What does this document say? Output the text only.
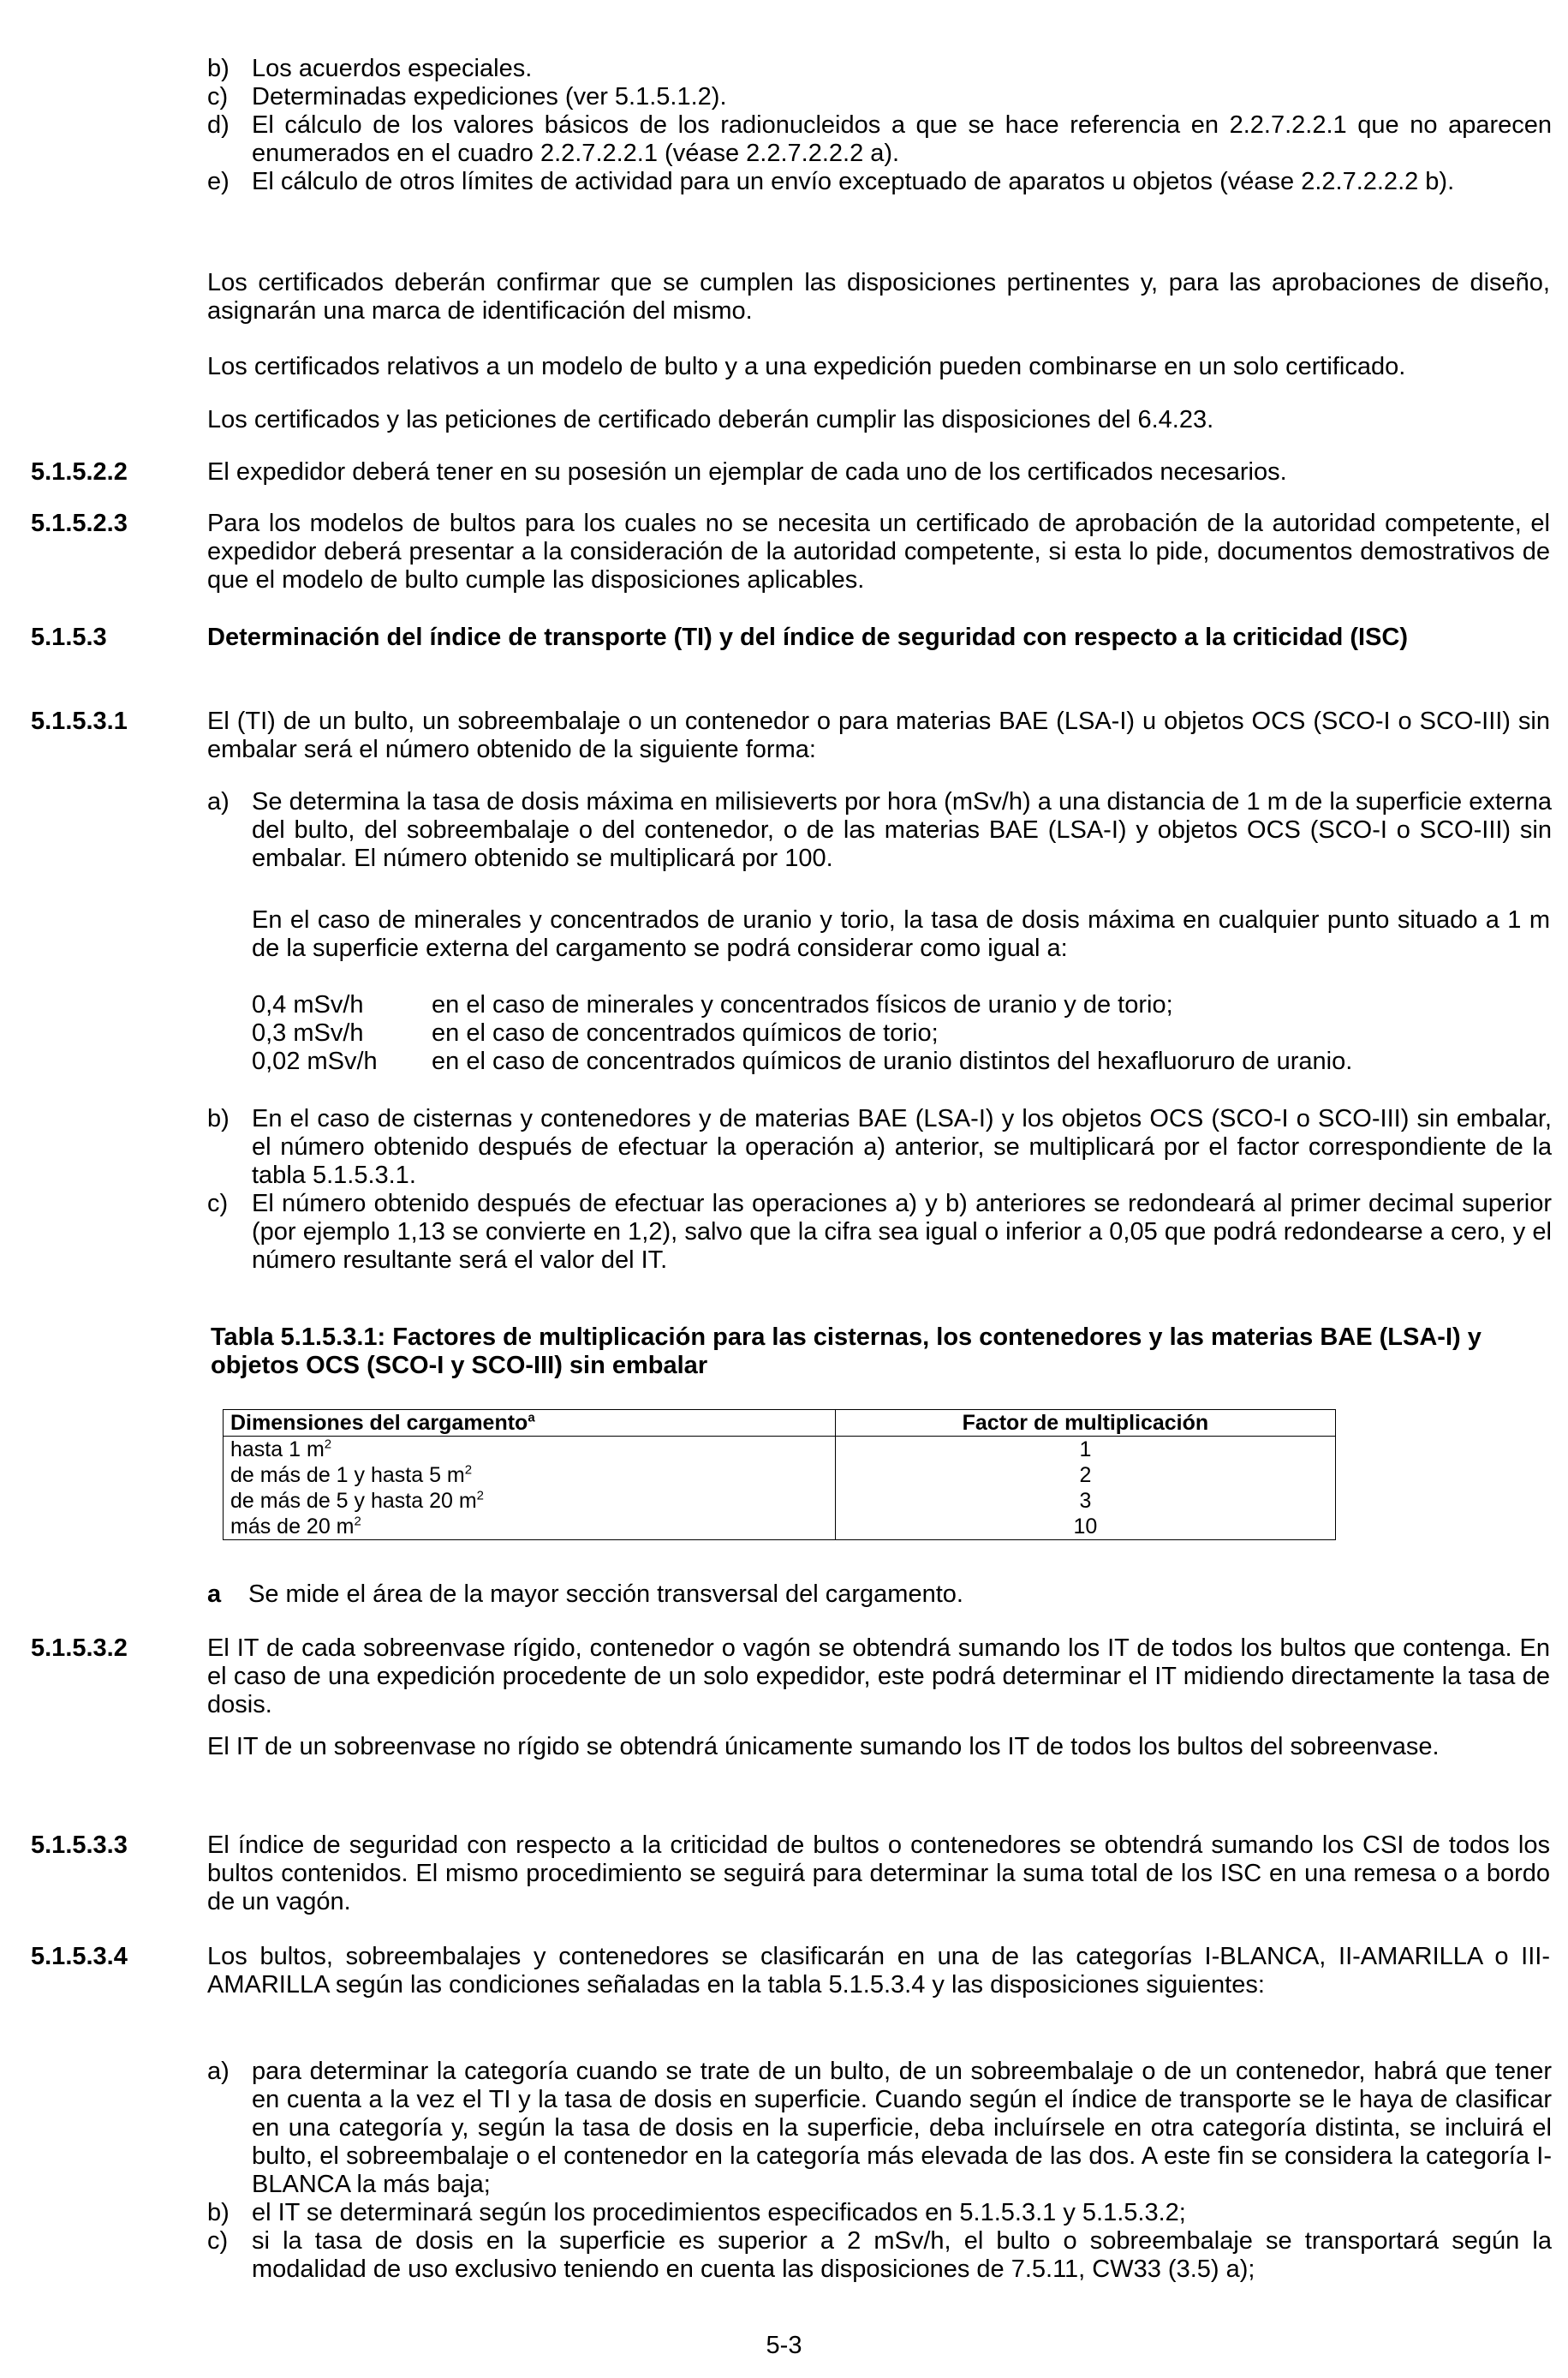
b) Los acuerdos especiales.
c) Determinadas expediciones (ver 5.1.5.1.2).
d) El cálculo de los valores básicos de los radionucleidos a que se hace referencia en 2.2.7.2.2.1 que no aparecen enumerados en el cuadro 2.2.7.2.2.1 (véase 2.2.7.2.2.2 a).
e) El cálculo de otros límites de actividad para un envío exceptuado de aparatos u objetos (véase 2.2.7.2.2.2 b).

Los certificados deberán confirmar que se cumplen las disposiciones pertinentes y, para las aprobaciones de diseño, asignarán una marca de identificación del mismo.

Los certificados relativos a un modelo de bulto y a una expedición pueden combinarse en un solo certificado.

Los certificados y las peticiones de certificado deberán cumplir las disposiciones del 6.4.23.

5.1.5.2.2	El expedidor deberá tener en su posesión un ejemplar de cada uno de los certificados necesarios.

5.1.5.2.3	Para los modelos de bultos para los cuales no se necesita un certificado de aprobación de la autoridad competente, el expedidor deberá presentar a la consideración de la autoridad competente, si esta lo pide, documentos demostrativos de que el modelo de bulto cumple las disposiciones aplicables.

5.1.5.3	Determinación del índice de transporte (TI) y del índice de seguridad con respecto a la criticidad (ISC)

5.1.5.3.1	El (TI) de un bulto, un sobreembalaje o un contenedor o para materias BAE (LSA-I) u objetos OCS (SCO-I o SCO-III) sin embalar será el número obtenido de la siguiente forma:

a) Se determina la tasa de dosis máxima en milisieverts por hora (mSv/h) a una distancia de 1 m de la superficie externa del bulto, del sobreembalaje o del contenedor, o de las materias BAE (LSA-I) y objetos OCS (SCO-I o SCO-III) sin embalar. El número obtenido se multiplicará por 100.

En el caso de minerales y concentrados de uranio y torio, la tasa de dosis máxima en cualquier punto situado a 1 m de la superficie externa del cargamento se podrá considerar como igual a:

0,4 mSv/h	en el caso de minerales y concentrados físicos de uranio y de torio;
0,3 mSv/h	en el caso de concentrados químicos de torio;
0,02 mSv/h	en el caso de concentrados químicos de uranio distintos del hexafluoruro de uranio.
b) En el caso de cisternas y contenedores y de materias BAE (LSA-I) y los objetos OCS (SCO-I o SCO-III) sin embalar, el número obtenido después de efectuar la operación a) anterior, se multiplicará por el factor correspondiente de la tabla 5.1.5.3.1.
c) El número obtenido después de efectuar las operaciones a) y b) anteriores se redondeará al primer decimal superior (por ejemplo 1,13 se convierte en 1,2), salvo que la cifra sea igual o inferior a 0,05 que podrá redondearse a cero, y el número resultante será el valor del IT.

Tabla 5.1.5.3.1: Factores de multiplicación para las cisternas, los contenedores y las materias BAE (LSA-I) y objetos OCS (SCO-I y SCO-III) sin embalar

Dimensiones del cargamento$^a$	Factor de multiplicación
hasta 1 $m^2$	1
de más de 1 y hasta 5 $m^2$	2
de más de 5 y hasta 20 $m^2$	3
más de 20 $m^2$	10
a Se mide el área de la mayor sección transversal del cargamento.
5.1.5.3.2	El IT de cada sobreenvase rígido, contenedor o vagón se obtendrá sumando los IT de todos los bultos que contenga. En el caso de una expedición procedente de un solo expedidor, este podrá determinar el IT midiendo directamente la tasa de dosis.

El IT de un sobreenvase no rígido se obtendrá únicamente sumando los IT de todos los bultos del sobreenvase.

5.1.5.3.3	El índice de seguridad con respecto a la criticidad de bultos o contenedores se obtendrá sumando los CSI de todos los bultos contenidos. El mismo procedimiento se seguirá para determinar la suma total de los ISC en una remesa o a bordo de un vagón.

5.1.5.3.4	Los bultos, sobreembalajes y contenedores se clasificarán en una de las categorías I-BLANCA, II-AMARILLA o III-AMARILLA según las condiciones señaladas en la tabla 5.1.5.3.4 y las disposiciones siguientes:

a) para determinar la categoría cuando se trate de un bulto, de un sobreembalaje o de un contenedor, habrá que tener en cuenta a la vez el TI y la tasa de dosis en superficie. Cuando según el índice de transporte se le haya de clasificar en una categoría y, según la tasa de dosis en la superficie, deba incluírsele en otra categoría distinta, se incluirá el bulto, el sobreembalaje o el contenedor en la categoría más elevada de las dos. A este fin se considera la categoría I-BLANCA la más baja;
b) el IT se determinará según los procedimientos especificados en 5.1.5.3.1 y 5.1.5.3.2;
c) si la tasa de dosis en la superficie es superior a 2 mSv/h, el bulto o sobreembalaje se transportará según la modalidad de uso exclusivo teniendo en cuenta las disposiciones de 7.5.11, CW33 (3.5) a);
5-3
